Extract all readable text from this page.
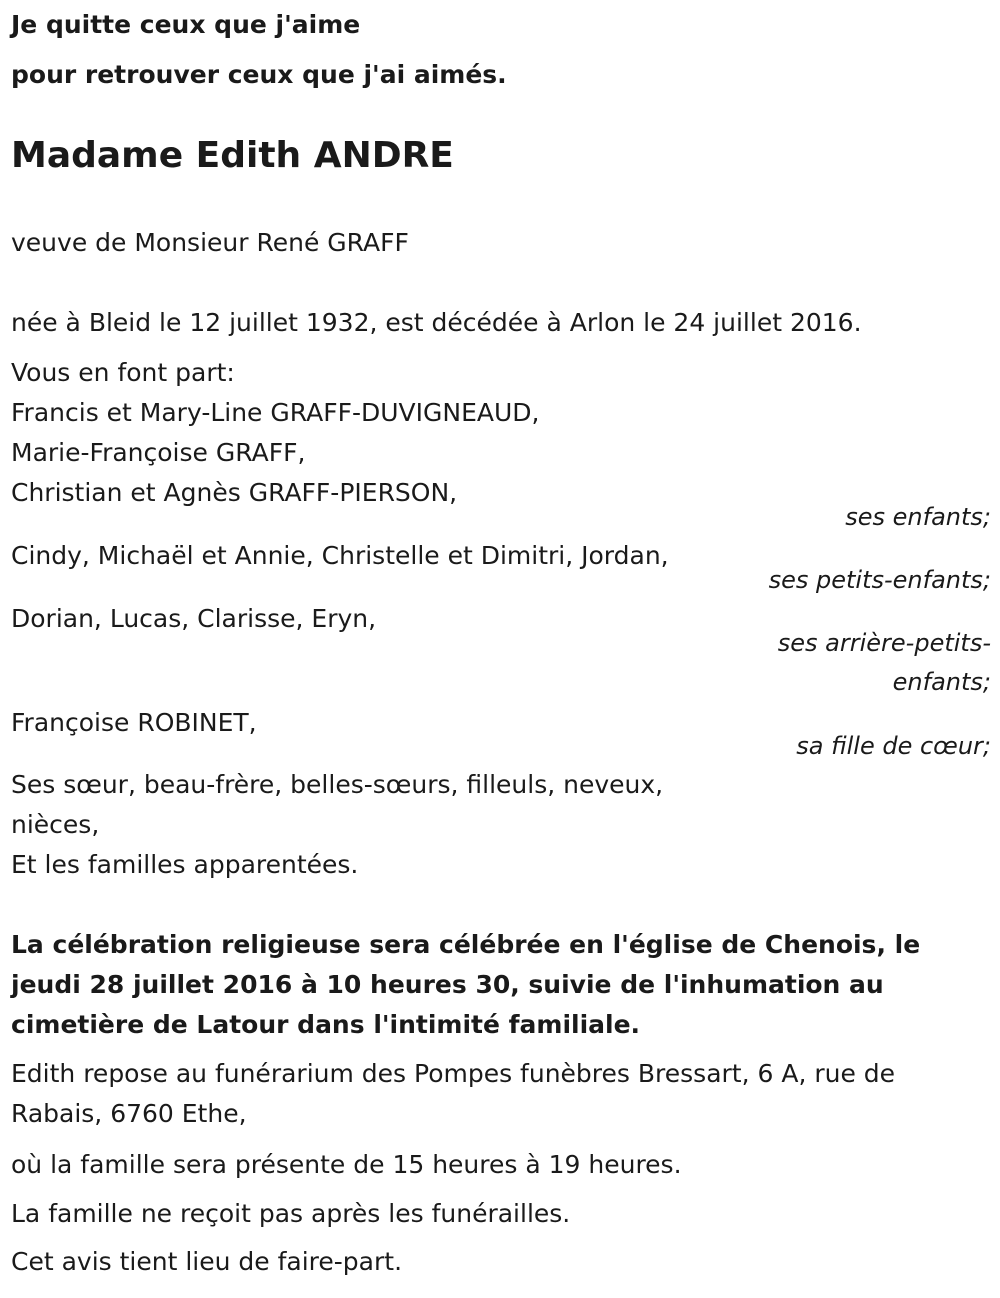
Je quitte ceux que j'aime
pour retrouver ceux que j'ai aimés.
Madame Edith ANDRE
veuve de Monsieur René GRAFF
née à Bleid le 12 juillet 1932, est décédée à Arlon le 24 juillet 2016.
Vous en font part:
Francis et Mary-Line GRAFF-DUVIGNEAUD,
Marie-Françoise GRAFF,
Christian et Agnès GRAFF-PIERSON,
ses enfants;
Cindy, Michaël et Annie, Christelle et Dimitri, Jordan,
ses petits-enfants;
Dorian, Lucas, Clarisse, Eryn,
ses arrière-petits-
enfants;
Françoise ROBINET,
sa fille de cœur;
Ses sœur, beau-frère, belles-sœurs, filleuls, neveux,
nièces,
Et les familles apparentées.
La célébration religieuse sera célébrée en l'église de Chenois, le jeudi 28 juillet 2016 à 10 heures 30, suivie de l'inhumation au cimetière de Latour dans l'intimité familiale.
Edith repose au funérarium des Pompes funèbres Bressart, 6 A, rue de Rabais, 6760 Ethe,
où la famille sera présente de 15 heures à 19 heures.
La famille ne reçoit pas après les funérailles.
Cet avis tient lieu de faire-part.
